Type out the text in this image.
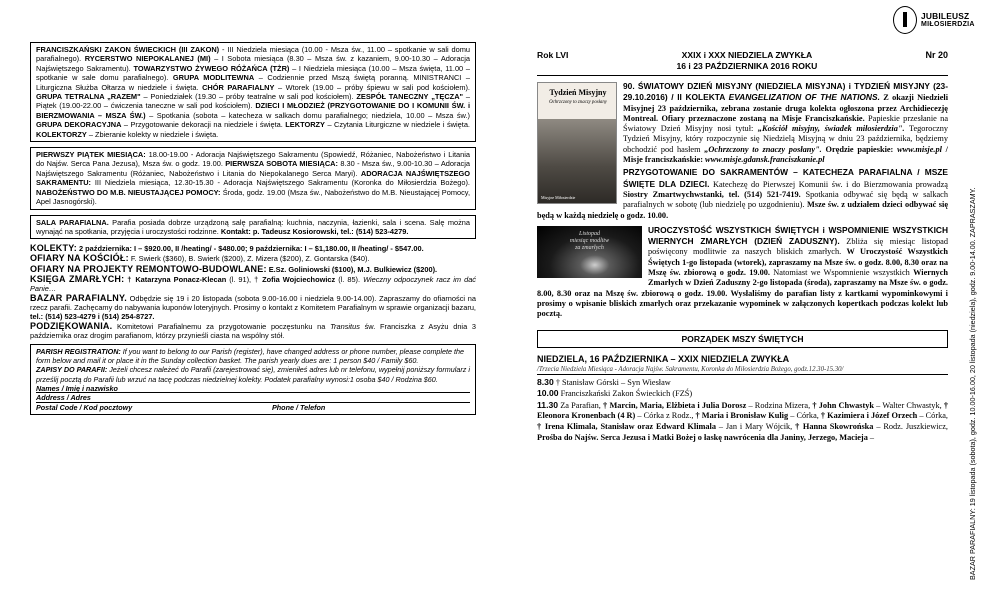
JUBILEUSZ
MIŁOSIERDZIA
FRANCISZKAŃSKI ZAKON ŚWIECKICH (III ZAKON) - III Niedziela miesiąca (10.00 - Msza św., 11.00 – spotkanie w sali domu parafialnego). RYCERSTWO NIEPOKALANEJ (MI) – I Sobota miesiąca (8.30 – Msza św. z kazaniem, 9.00-10.30 – Adoracja Najświętszego Sakramentu). TOWARZYSTWO ŻYWEGO RÓŻAŃCA (TŻR) – I Niedziela miesiąca (10.00 – Msza święta, 11.00 – spotkanie w sale domu parafialnego). GRUPA MODLITEWNA – Codziennie przed Mszą świętą poranną. MINISTRANCI – Liturgiczna Służba Ołtarza w niedziele i święta. CHÓR PARAFIALNY – Wtorek (19.00 – próby śpiewu w sali pod kościołem). GRUPA TETRALNA „RAZEM" – Poniedziałek (19.30 – próby teatralne w sali pod kościołem). ZESPÓŁ TANECZNY „TĘCZA" – Piątek (19.00-22.00 – ćwiczenia taneczne w sali pod kościołem). DZIECI I MŁODZIEŻ (PRZYGOTOWANIE DO I KOMUNII ŚW. i BIERZMOWANIA – MSZA ŚW.) – Spotkania (sobota – katecheza w salkach domu parafialnego; niedziela, 10.00 – Msza św.) GRUPA DEKORACYJNA – Przygotowanie dekoracji na niedziele i święta. LEKTORZY – Czytania Liturgiczne w niedziele i święta. KOLEKTORZY – Zbieranie kolekty w niedziele i święta.
PIERWSZY PIĄTEK MIESIĄCA: 18.00-19.00 - Adoracja Najświętszego Sakramentu (Spowiedź, Różaniec, Nabożeństwo i Litania do Najśw. Serca Pana Jezusa), Msza św. o godz. 19.00. PIERWSZA SOBOTA MIESIĄCA: 8.30 - Msza św., 9.00-10.30 – Adoracja Najświętszego Sakramentu (Różaniec, Nabożeństwo i Litania do Niepokalanego Serca Maryi). ADORACJA NAJŚWIĘTSZEGO SAKRAMENTU: III Niedziela miesiąca, 12.30-15.30 - Adoracja Najświętszego Sakramentu (Koronka do Miłosierdzia Bożego). NABOŻEŃSTWO DO M.B. NIEUSTAJĄCEJ POMOCY: Środa, godz. 19.00 (Msza św., Nabożeństwo do M.B. Nieustającej Pomocy, Apel Jasnogórski).
SALA PARAFIALNA. Parafia posiada dobrze urządzoną salę parafialną: kuchnia, naczynia, łazienki, sala i scena. Salę można wynająć na spotkania, przyjęcia i uroczystości rodzinne. Kontakt: p. Tadeusz Kosiorowski, tel.: (514) 523-4279.
KOLEKTY: 2 października: I – $920.00, II /heating/ - $480.00; 9 października: I – $1,180.00, II /heating/ - $547.00.
OFIARY NA KOŚCIÓŁ: F. Swierk ($360), B. Swierk ($200), Z. Mizera ($200), Z. Gontarska ($40).
OFIARY NA PROJEKTY REMONTOWO-BUDOWLANE: E.Sz. Goliniowski ($100), M.J. Bulkiewicz ($200).
KSIĘGA ZMARŁYCH: † Katarzyna Ponacz-Klecan (l. 91), † Zofia Wojciechowicz (l. 85). Wieczny odpoczynek racz im dać Panie…
BAZAR PARAFIALNY. Odbędzie się 19 i 20 listopada (sobota 9.00-16.00 i niedziela 9.00-14.00). Zapraszamy do ofiarności na rzecz parafii. Zachęcamy do nabywania kuponów loteryjnych. Prosimy o kontakt z Komitetem Parafialnym w sprawie organizacji bazaru, tel.: (514) 523-4279 i (514) 254-8727.
PODZIĘKOWANIA. Komitetowi Parafialnemu za przygotowanie poczęstunku na Transitus św. Franciszka z Asyżu dnia 3 października oraz drogim parafianom, którzy przynieśli ciasta na wspólny stół.
PARISH REGISTRATION: If you want to belong to our Parish (register), have changed address or phone number, please complete the form below and mail it or place it in the Sunday collection basket. The parish yearly dues are: 1 person $40 / Family $60.
ZAPISY DO PARAFII: Jeżeli chcesz należeć do Parafii (zarejestrować się), zmieniłeś adres lub nr telefonu, wypełnij poniższy formularz i prześlij pocztą do Parafii lub wrzuć na tacę podczas niedzielnej kolekty. Podatek parafialny wynosi:1 osoba $40 / Rodzina $60.
Names / Imię i nazwisko
Address / Adres
Postal Code / Kod pocztowy	Phone / Telefon
Rok LVI	XXIX i XXX NIEDZIELA ZWYKŁA
16 i 23 PAŹDZIERNIKA 2016 ROKU
Nr 20
Tydzień Misyjny
Ochrzczony to znaczy posłany
Misyjne Miłosierdzie
90. ŚWIATOWY DZIEŃ MISYJNY (NIEDZIELA MISYJNA) i TYDZIEŃ MISYJNY (23-29.10.2016) / II KOLEKTA EVANGELIZATION OF THE NATIONS. Z okazji Niedzieli Misyjnej 23 października, zebrana zostanie druga kolekta ogłoszona przez Archidiecezję Montreal. Ofiary przeznaczone zostaną na Misje Franciszkańskie. Papieskie przesłanie na Światowy Dzień Misyjny nosi tytuł: „Kościół misyjny, świadek miłosierdzia". Tegoroczny Tydzień Misyjny, który rozpoczynie się Niedzielą Misyjną w dniu 23 października, będziemy obchodzić pod hasłem „Ochrzczony to znaczy posłany". Orędzie papieskie: www.misje.pl / Misje franciszkańskie: www.misje.gdansk.franciszkanie.pl
PRZYGOTOWANIE DO SAKRAMENTÓW – KATECHEZA PARAFIALNA / MSZE ŚWIĘTE DLA DZIECI. Katechezę do Pierwszej Komunii św. i do Bierzmowania prowadzą Siostry Zmartwychwstanki, tel. (514) 521-7419. Spotkania odbywać się będą w salkach parafialnych w sobotę (lub niedzielę po uzgodnieniu). Msze św. z udziałem dzieci odbywać się będą w każdą niedzielę o godz. 10.00.
Listopad
miesiąc modlitw
za zmarłych
UROCZYSTOŚĆ WSZYSTKICH ŚWIĘTYCH i WSPOMNIENIE WSZYSTKICH WIERNYCH ZMARŁYCH (DZIEŃ ZADUSZNY). Zbliża się miesiąc listopad poświęcony modlitwie za naszych bliskich zmarłych. W Uroczystość Wszystkich Świętych 1-go listopada (wtorek), zapraszamy na Msze św. o godz. 8.00, 8.30 oraz na Mszę św. zbiorową o godz. 19.00. Natomiast we Wspomnienie wszystkich Wiernych Zmarłych w Dzień Zaduszny 2-go listopada (środa), zapraszamy na Msze św. o godz. 8.00, 8.30 oraz na Mszę św. zbiorową o godz. 19.00. Wysłaliśmy do parafian listy z kartkami wypominkowymi i prosimy o wpisanie bliskich zmarłych oraz przekazanie wypominek w załączonych kopertkach podczas kolekt lub pocztą.
PORZĄDEK MSZY ŚWIĘTYCH
NIEDZIELA, 16 PAŹDZIERNIKA – XXIX NIEDZIELA ZWYKŁA
/Trzecia Niedziela Miesiąca - Adoracja Najśw. Sakramentu, Koronka do Miłosierdzia Bożego, godz.12.30-15.30/
8.30 † Stanisław Górski – Syn Wiesław
10.00 Franciszkański Zakon Świeckich (FZŚ)
11.30 Za Parafian, † Marcin, Maria, Elżbieta i Julia Dorosz – Rodzina Mizera, † John Chwastyk – Walter Chwastyk, † Eleonora Kronenbach (4 R) – Córka z Rodz., † Maria i Bronisław Kulig – Córka, † Kazimiera i Józef Orzech – Córka, † Irena Klimala, Stanisław oraz Edward Klimala – Jan i Mary Wójcik, † Hanna Skowrońska – Rodz. Juszkiewicz, Prośba do Najśw. Serca Jezusa i Matki Bożej o łaskę nawrócenia dla Janiny, Jerzego, Macieja –	BAZAR PARAFIALNY: 19 listopada (sobota), godz. 10.00-16.00, 20 listopada (niedziela), godz. 9.00-14.00. ZAPRASZAMY.
